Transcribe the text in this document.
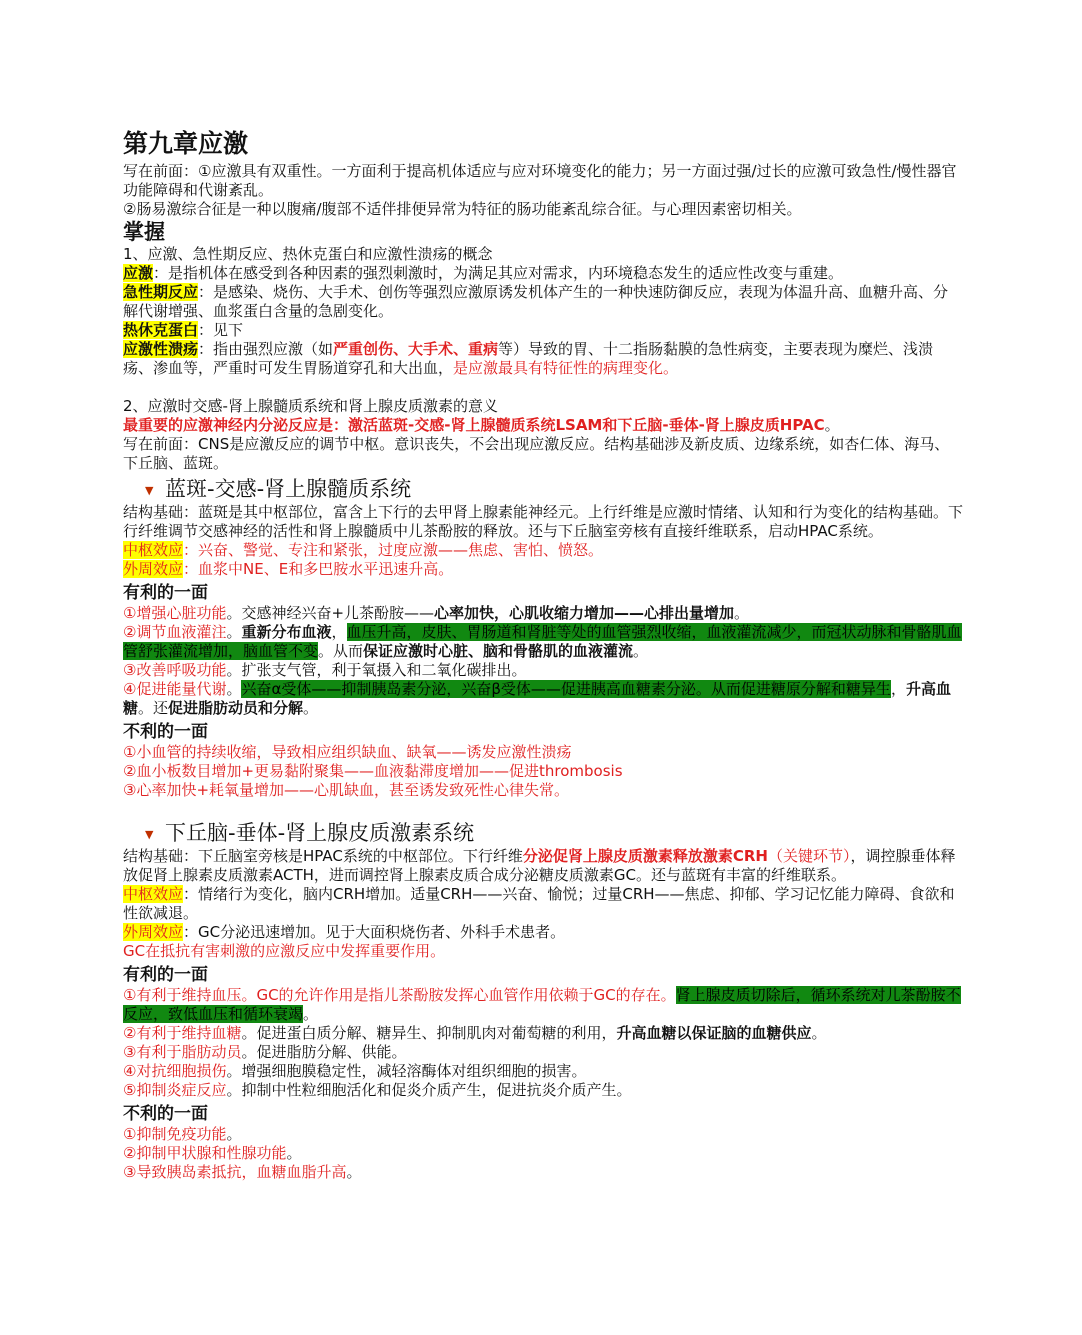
第九章应激

写在前面：①应激具有双重性。一方面利于提高机体适应与应对环境变化的能力；另一方面过强/过长的应激可致急性/慢性器官功能障碍和代谢紊乱。

②肠易激综合征是一种以腹痛/腹部不适伴排便异常为特征的肠功能紊乱综合征。与心理因素密切相关。

掌握

1、应激、急性期反应、热休克蛋白和应激性溃疡的概念

应激：是指机体在感受到各种因素的强烈刺激时，为满足其应对需求，内环境稳态发生的适应性改变与重建。

急性期反应：是感染、烧伤、大手术、创伤等强烈应激原诱发机体产生的一种快速防御反应，表现为体温升高、血糖升高、分解代谢增强、血浆蛋白含量的急剧变化。

热休克蛋白：见下

应激性溃疡：指由强烈应激（如严重创伤、大手术、重病等）导致的胃、十二指肠黏膜的急性病变，主要表现为糜烂、浅溃疡、渗血等，严重时可发生胃肠道穿孔和大出血，是应激最具有特征性的病理变化。

2、应激时交感-肾上腺髓质系统和肾上腺皮质激素的意义

最重要的应激神经内分泌反应是：激活蓝斑-交感-肾上腺髓质系统LSAM和下丘脑-垂体-肾上腺皮质HPAC。

写在前面：CNS是应激反应的调节中枢。意识丧失，不会出现应激反应。结构基础涉及新皮质、边缘系统，如杏仁体、海马、下丘脑、蓝斑。

▼ 蓝斑-交感-肾上腺髓质系统

结构基础：蓝斑是其中枢部位，富含上下行的去甲肾上腺素能神经元。上行纤维是应激时情绪、认知和行为变化的结构基础。下行纤维调节交感神经的活性和肾上腺髓质中儿茶酚胺的释放。还与下丘脑室旁核有直接纤维联系，启动HPAC系统。

中枢效应：兴奋、警觉、专注和紧张，过度应激——焦虑、害怕、愤怒。

外周效应：血浆中NE、E和多巴胺水平迅速升高。

有利的一面

①增强心脏功能。交感神经兴奋+儿茶酚胺——心率加快，心肌收缩力增加——心排出量增加。

②调节血液灌注。重新分布血液，血压升高，皮肤、胃肠道和肾脏等处的血管强烈收缩，血液灌流减少，而冠状动脉和骨骼肌血管舒张灌流增加，脑血管不变。从而保证应激时心脏、脑和骨骼肌的血液灌流。

③改善呼吸功能。扩张支气管，利于氧摄入和二氧化碳排出。

④促进能量代谢。兴奋α受体——抑制胰岛素分泌，兴奋β受体——促进胰高血糖素分泌。从而促进糖原分解和糖异生，升高血糖。还促进脂肪动员和分解。

不利的一面

①小血管的持续收缩，导致相应组织缺血、缺氧——诱发应激性溃疡

②血小板数目增加+更易黏附聚集——血液黏滞度增加——促进thrombosis

③心率加快+耗氧量增加——心肌缺血，甚至诱发致死性心律失常。

▼ 下丘脑-垂体-肾上腺皮质激素系统

结构基础：下丘脑室旁核是HPAC系统的中枢部位。下行纤维分泌促肾上腺皮质激素释放激素CRH（关键环节），调控腺垂体释放促肾上腺素皮质激素ACTH，进而调控肾上腺素皮质合成分泌糖皮质激素GC。还与蓝斑有丰富的纤维联系。

中枢效应：情绪行为变化，脑内CRH增加。适量CRH——兴奋、愉悦；过量CRH——焦虑、抑郁、学习记忆能力障碍、食欲和性欲减退。

外周效应：GC分泌迅速增加。见于大面积烧伤者、外科手术患者。

GC在抵抗有害刺激的应激反应中发挥重要作用。

有利的一面

①有利于维持血压。GC的允许作用是指儿茶酚胺发挥心血管作用依赖于GC的存在。肾上腺皮质切除后，循环系统对儿茶酚胺不反应，致低血压和循环衰竭。

②有利于维持血糖。促进蛋白质分解、糖异生、抑制肌肉对葡萄糖的利用，升高血糖以保证脑的血糖供应。

③有利于脂肪动员。促进脂肪分解、供能。

④对抗细胞损伤。增强细胞膜稳定性，减轻溶酶体对组织细胞的损害。

⑤抑制炎症反应。抑制中性粒细胞活化和促炎介质产生，促进抗炎介质产生。

不利的一面

①抑制免疫功能。

②抑制甲状腺和性腺功能。

③导致胰岛素抵抗，血糖血脂升高。
